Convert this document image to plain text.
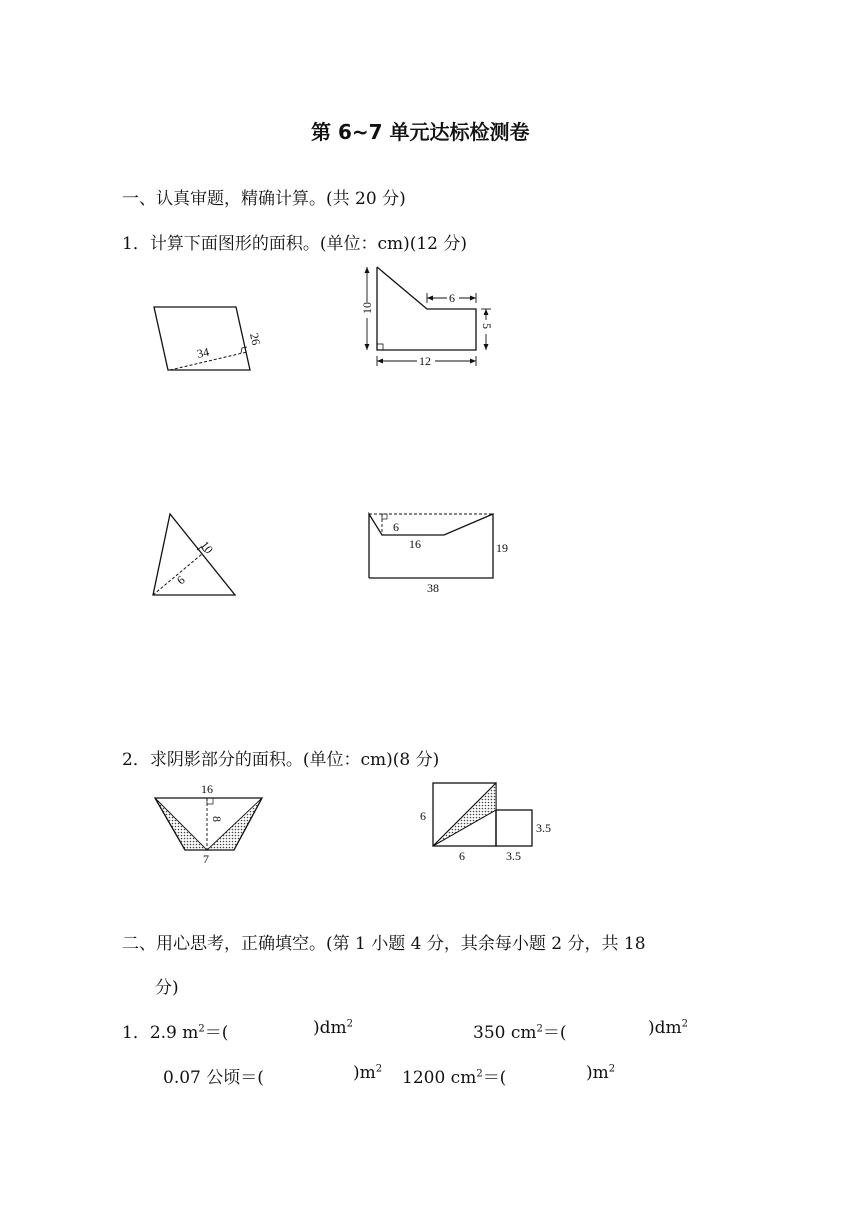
第 6~7 单元达标检测卷
一、认真审题，精确计算。(共 20 分)
1．计算下面图形的面积。(单位：cm)(12 分)
34
26
10
6
5
12
10
6
6
16	19
38
2．求阴影部分的面积。(单位：cm)(8 分)
16
8
7
6
6	3.5
3.5
二、用心思考，正确填空。(第 1 小题 4 分，其余每小题 2 分，共 18
分)
1．2.9 $m^2=$(	)$dm^2$	350 $cm^2=$(	)$dm^2$
0.07 公顷＝(	)$m^2$ 1200 $cm^2=$(	)$m^2$
